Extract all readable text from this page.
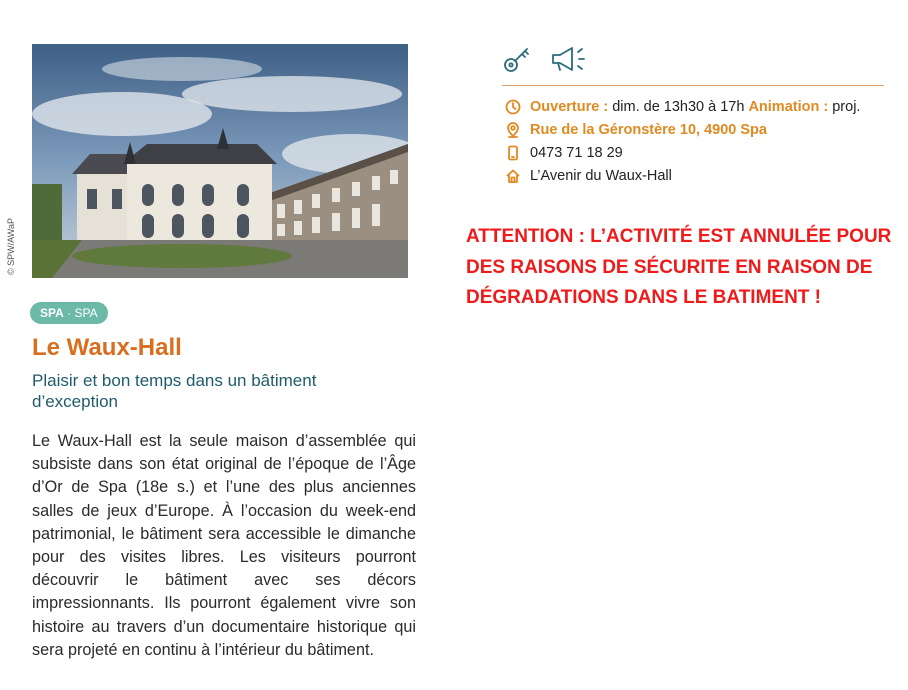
© SPW/AWaP
SPA · SPA
Le Waux-Hall

Plaisir et bon temps dans un bâtiment d’exception

Le Waux-Hall est la seule maison d’assemblée qui subsiste dans son état original de l’époque de l’Âge d’Or de Spa (18e s.) et l’une des plus anciennes salles de jeux d’Europe. À l’occasion du week-end patrimonial, le bâtiment sera accessible le dimanche pour des visites libres. Les visiteurs pourront découvrir le bâtiment avec ses décors impressionnants. Ils pourront également vivre son histoire au travers d’un documentaire historique qui sera projeté en continu à l’intérieur du bâtiment.

Ouverture :
dim. de 13h30 à 17h
Animation :
proj.
Rue de la Géronstère 10, 4900 Spa
0473 71 18 29
L’Avenir du Waux-Hall

ATTENTION : L’ACTIVITÉ EST ANNULÉE POUR DES RAISONS DE SÉCURITE EN RAISON DE DÉGRADATIONS DANS LE BATIMENT !
